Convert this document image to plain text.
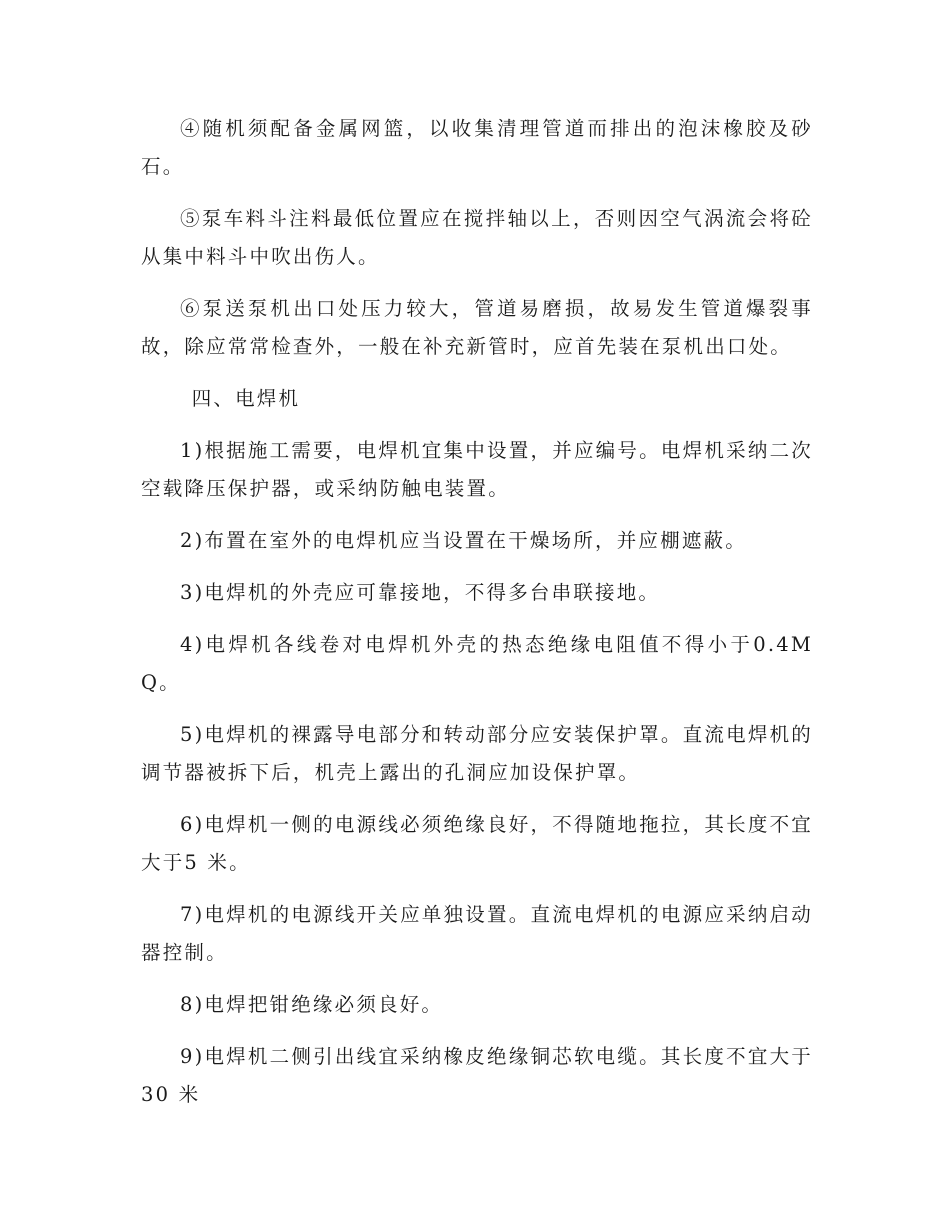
④随机须配备金属网篮，以收集清理管道而排出的泡沫橡胶及砂石。

⑤泵车料斗注料最低位置应在搅拌轴以上，否则因空气涡流会将砼从集中料斗中吹出伤人。

⑥泵送泵机出口处压力较大，管道易磨损，故易发生管道爆裂事故，除应常常检查外，一般在补充新管时，应首先装在泵机出口处。

四、电焊机

1)根据施工需要，电焊机宜集中设置，并应编号。电焊机采纳二次空载降压保护器，或采纳防触电装置。

2)布置在室外的电焊机应当设置在干燥场所，并应棚遮蔽。

3)电焊机的外壳应可靠接地，不得多台串联接地。

4)电焊机各线卷对电焊机外壳的热态绝缘电阻值不得小于0.4MQ。

5)电焊机的裸露导电部分和转动部分应安装保护罩。直流电焊机的调节器被拆下后，机壳上露出的孔洞应加设保护罩。

6)电焊机一侧的电源线必须绝缘良好，不得随地拖拉，其长度不宜大于5 米。

7)电焊机的电源线开关应单独设置。直流电焊机的电源应采纳启动器控制。

8)电焊把钳绝缘必须良好。

9)电焊机二侧引出线宜采纳橡皮绝缘铜芯软电缆。其长度不宜大于30 米
